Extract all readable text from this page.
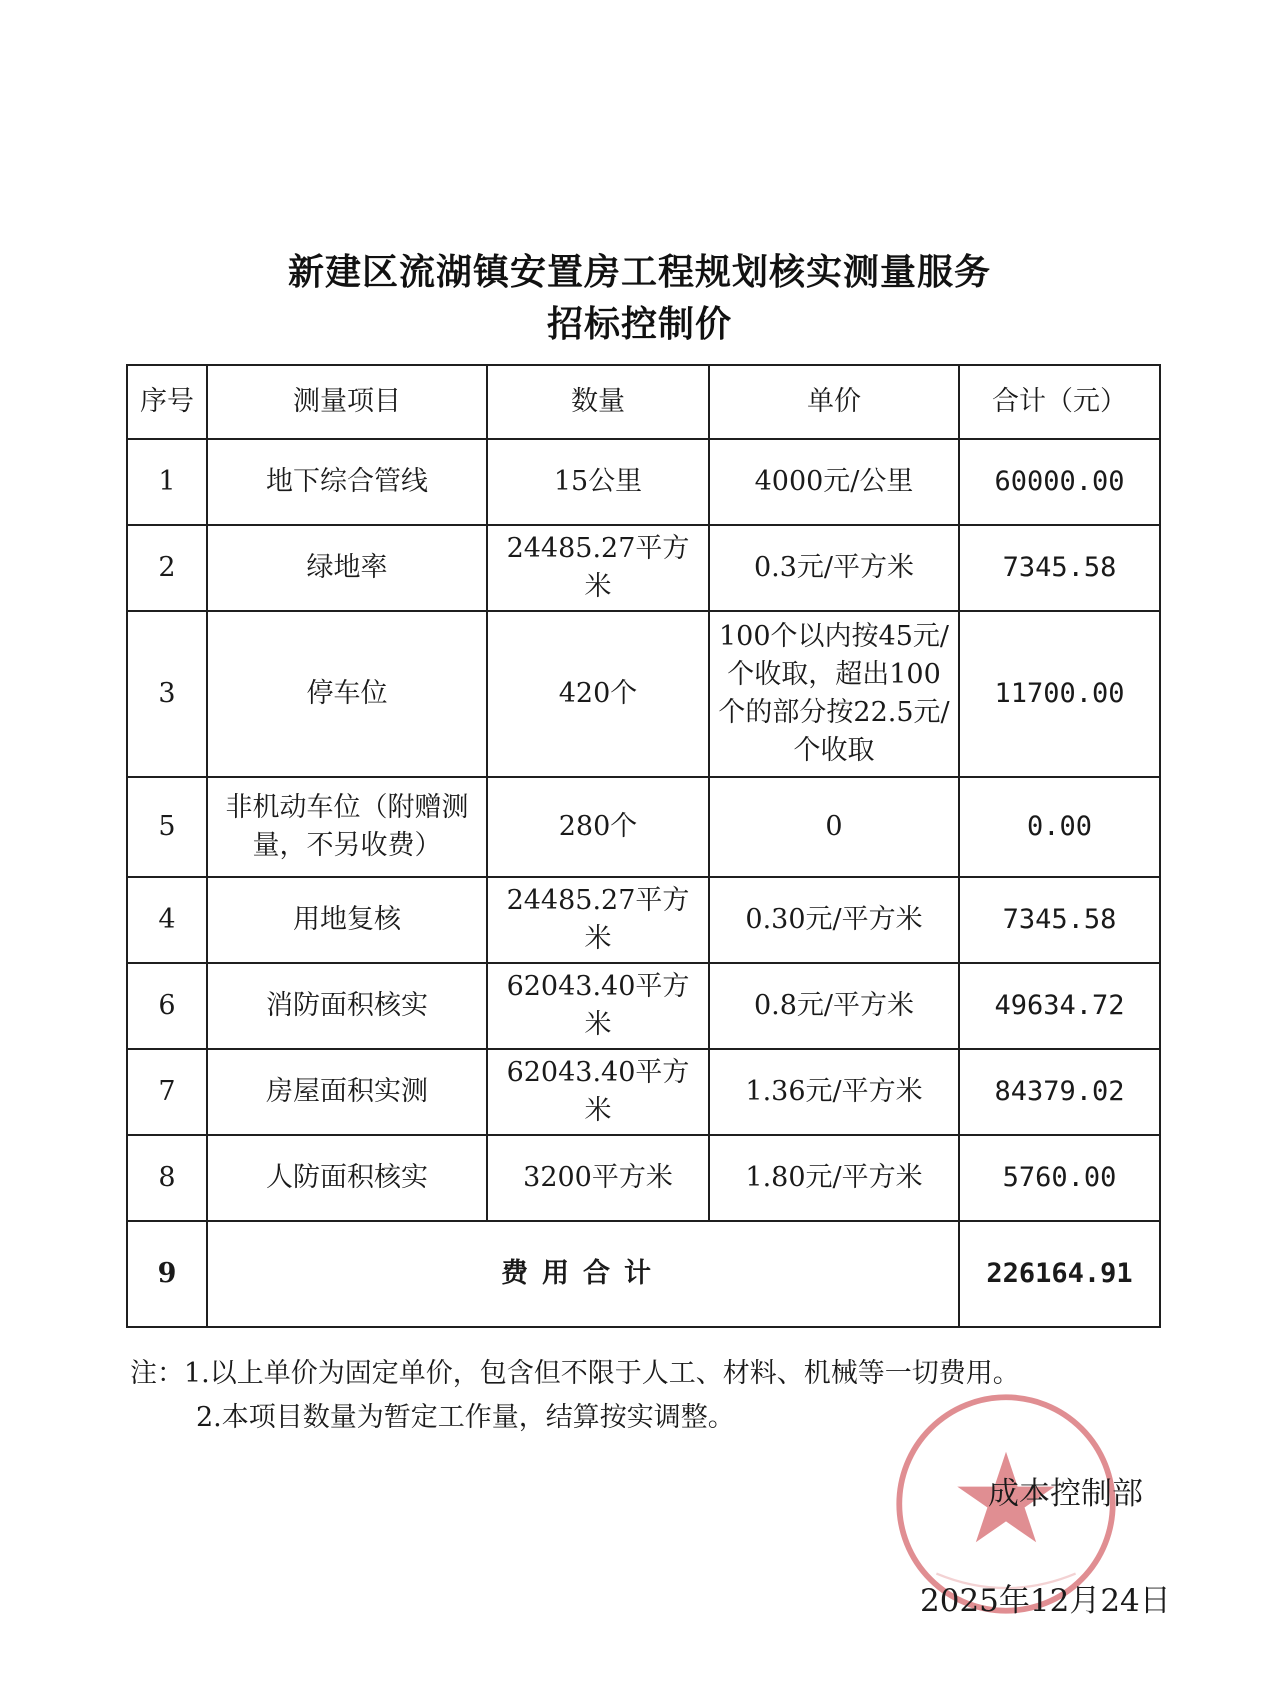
新建区流湖镇安置房工程规划核实测量服务
招标控制价
序号	测量项目	数量	单价	合计（元）
1	地下综合管线	15公里	4000元/公里	60000.00
2	绿地率	24485.27平方米	0.3元/平方米	7345.58
3	停车位	420个	100个以内按45元/个收取，超出100个的部分按22.5元/个收取	11700.00
5	非机动车位（附赠测量，不另收费）	280个	0	0.00
4	用地复核	24485.27平方米	0.30元/平方米	7345.58
6	消防面积核实	62043.40平方米	0.8元/平方米	49634.72
7	房屋面积实测	62043.40平方米	1.36元/平方米	84379.02
8	人防面积核实	3200平方米	1.80元/平方米	5760.00
9	费用合计			226164.91
注：1.以上单价为固定单价，包含但不限于人工、材料、机械等一切费用。
2.本项目数量为暂定工作量，结算按实调整。
成本控制部
2025年12月24日
